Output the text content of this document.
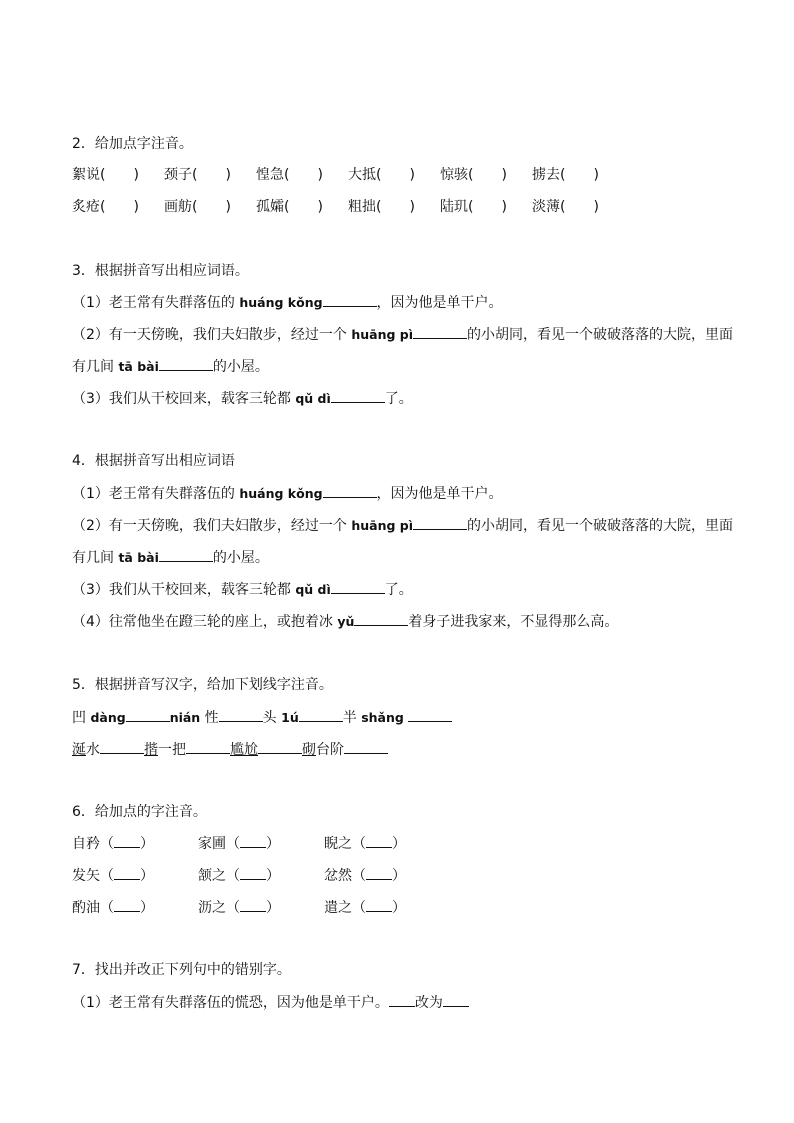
2．给加点字注音。
絮说(　　) 颈子(　　) 惶急(　　) 大抵(　　) 惊骇(　　) 掳去(　　)
炙疮(　　) 画舫(　　) 孤孀(　　) 粗拙(　　) 陆玑(　　) 淡薄(　　)
3．根据拼音写出相应词语。
（1）老王常有失群落伍的 huáng kǒng	，因为他是单干户。
（2）有一天傍晚，我们夫妇散步，经过一个 huāng pì	的小胡同，看见一个破破落落的大院，里面
有几间 tā bài	的小屋。
（3）我们从干校回来，载客三轮都 qǔ dì	了。
4．根据拼音写出相应词语
（1）老王常有失群落伍的 huáng kǒng	，因为他是单干户。
（2）有一天傍晚，我们夫妇散步，经过一个 huāng pì	的小胡同，看见一个破破落落的大院，里面
有几间 tā bài	的小屋。
（3）我们从干校回来，载客三轮都 qǔ dì	了。
（4）往常他坐在蹬三轮的座上，或抱着冰 yǔ	着身子进我家来，不显得那么高。
5．根据拼音写汉字，给加下划线字注音。
凹 dàng	nián 性	头 1ú	半 shǎng
涎水	揩一把	尴尬	砌台阶
6．给加点的字注音。
自矜（ ）	家圃（ ）	睨之（ ）
发矢（ ）	颔之（ ）	忿然（ ）
酌油（ ）	沥之（ ）	遣之（ ）
7．找出并改正下列句中的错别字。
（1）老王常有失群落伍的慌恐，因为他是单干户。 改为
